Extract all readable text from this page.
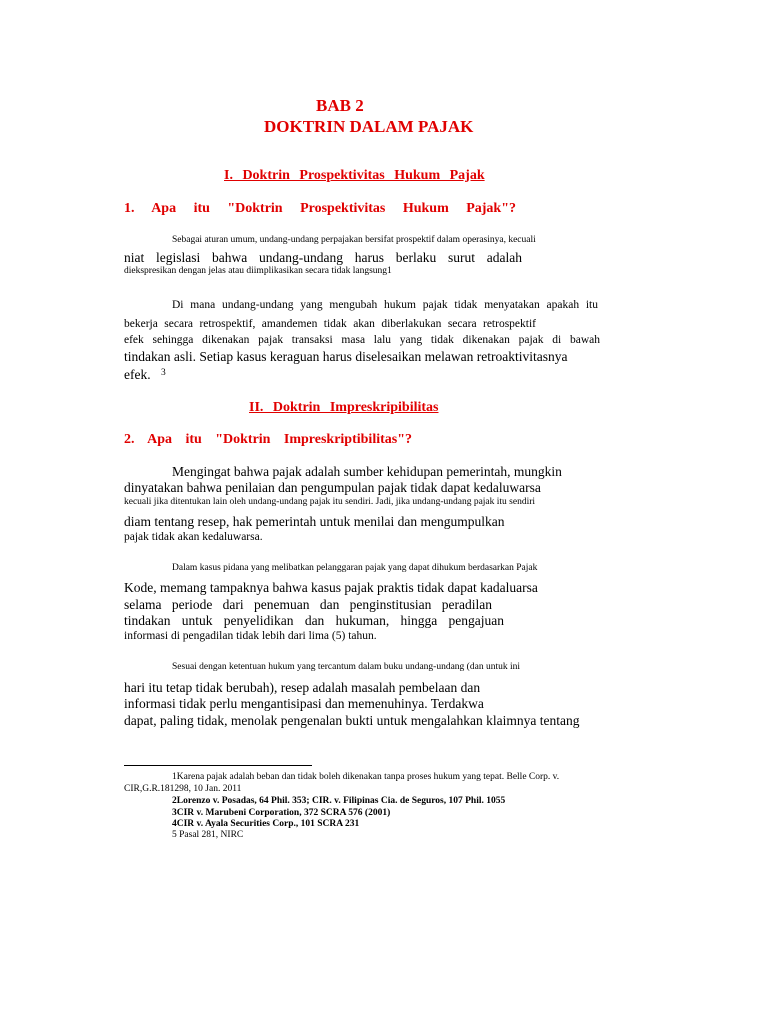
BAB 2
DOKTRIN DALAM PAJAK
I. Doktrin Prospektivitas Hukum Pajak
1. Apa itu "Doktrin Prospektivitas Hukum Pajak"?
Sebagai aturan umum, undang-undang perpajakan bersifat prospektif dalam operasinya, kecuali
niat legislasi bahwa undang-undang harus berlaku surut adalah
diekspresikan dengan jelas atau diimplikasikan secara tidak langsung1
Di mana undang-undang yang mengubah hukum pajak tidak menyatakan apakah itu
bekerja secara retrospektif, amandemen tidak akan diberlakukan secara retrospektif
efek sehingga dikenakan pajak transaksi masa lalu yang tidak dikenakan pajak di bawah
tindakan asli. Setiap kasus keraguan harus diselesaikan melawan retroaktivitasnya
efek. 3
II. Doktrin Impreskripibilitas
2. Apa itu "Doktrin Impreskriptibilitas"?
Mengingat bahwa pajak adalah sumber kehidupan pemerintah, mungkin
dinyatakan bahwa penilaian dan pengumpulan pajak tidak dapat kedaluwarsa
kecuali jika ditentukan lain oleh undang-undang pajak itu sendiri. Jadi, jika undang-undang pajak itu sendiri
diam tentang resep, hak pemerintah untuk menilai dan mengumpulkan
pajak tidak akan kedaluwarsa.
Dalam kasus pidana yang melibatkan pelanggaran pajak yang dapat dihukum berdasarkan Pajak
Kode, memang tampaknya bahwa kasus pajak praktis tidak dapat kadaluarsa
selama periode dari penemuan dan penginstitusian peradilan
tindakan untuk penyelidikan dan hukuman, hingga pengajuan
informasi di pengadilan tidak lebih dari lima (5) tahun.
Sesuai dengan ketentuan hukum yang tercantum dalam buku undang-undang (dan untuk ini
hari itu tetap tidak berubah), resep adalah masalah pembelaan dan
informasi tidak perlu mengantisipasi dan memenuhinya. Terdakwa
dapat, paling tidak, menolak pengenalan bukti untuk mengalahkan klaimnya tentang
1Karena pajak adalah beban dan tidak boleh dikenakan tanpa proses hukum yang tepat. Belle Corp. v.
CIR,G.R.181298, 10 Jan. 2011
2Lorenzo v. Posadas, 64 Phil. 353; CIR. v. Filipinas Cia. de Seguros, 107 Phil. 1055
3CIR v. Marubeni Corporation, 372 SCRA 576 (2001)
4CIR v. Ayala Securities Corp., 101 SCRA 231
5 Pasal 281, NIRC
